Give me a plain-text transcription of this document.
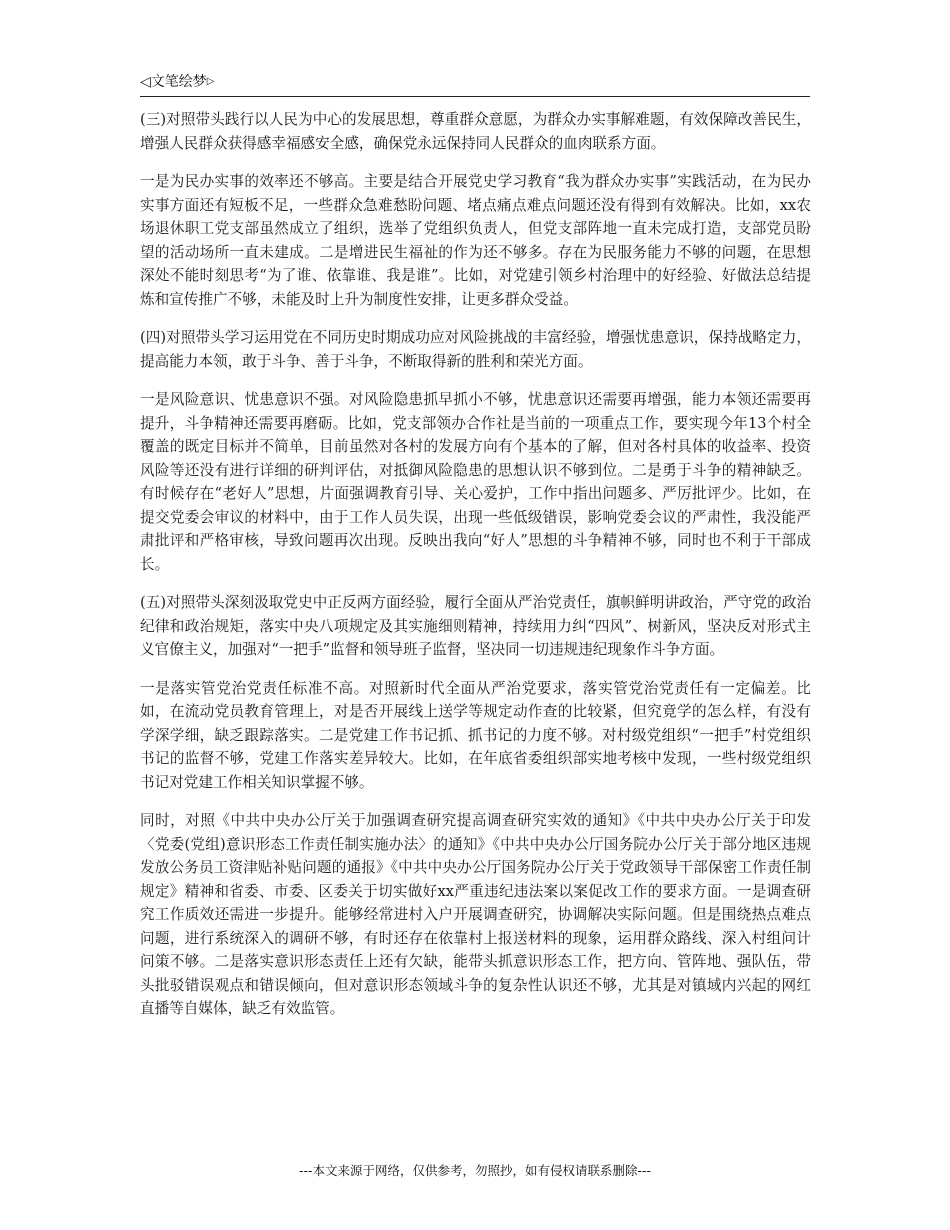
◁文笔绘梦▷

(三)对照带头践行以人民为中心的发展思想，尊重群众意愿，为群众办实事解难题，有效保障改善民生，增强人民群众获得感幸福感安全感，确保党永远保持同人民群众的血肉联系方面。

一是为民办实事的效率还不够高。主要是结合开展党史学习教育“我为群众办实事”实践活动，在为民办实事方面还有短板不足，一些群众急难愁盼问题、堵点痛点难点问题还没有得到有效解决。比如，xx农场退休职工党支部虽然成立了组织，选举了党组织负责人，但党支部阵地一直未完成打造，支部党员盼望的活动场所一直未建成。二是增进民生福祉的作为还不够多。存在为民服务能力不够的问题，在思想深处不能时刻思考“为了谁、依靠谁、我是谁”。比如，对党建引领乡村治理中的好经验、好做法总结提炼和宣传推广不够，未能及时上升为制度性安排，让更多群众受益。

(四)对照带头学习运用党在不同历史时期成功应对风险挑战的丰富经验，增强忧患意识，保持战略定力，提高能力本领，敢于斗争、善于斗争，不断取得新的胜利和荣光方面。

一是风险意识、忧患意识不强。对风险隐患抓早抓小不够，忧患意识还需要再增强，能力本领还需要再提升，斗争精神还需要再磨砺。比如，党支部领办合作社是当前的一项重点工作，要实现今年13个村全覆盖的既定目标并不简单，目前虽然对各村的发展方向有个基本的了解，但对各村具体的收益率、投资风险等还没有进行详细的研判评估，对抵御风险隐患的思想认识不够到位。二是勇于斗争的精神缺乏。有时候存在“老好人”思想，片面强调教育引导、关心爱护，工作中指出问题多、严厉批评少。比如，在提交党委会审议的材料中，由于工作人员失误，出现一些低级错误，影响党委会议的严肃性，我没能严肃批评和严格审核，导致问题再次出现。反映出我向“好人”思想的斗争精神不够，同时也不利于干部成长。

(五)对照带头深刻汲取党史中正反两方面经验，履行全面从严治党责任，旗帜鲜明讲政治，严守党的政治纪律和政治规矩，落实中央八项规定及其实施细则精神，持续用力纠“四风”、树新风，坚决反对形式主义官僚主义，加强对“一把手”监督和领导班子监督，坚决同一切违规违纪现象作斗争方面。

一是落实管党治党责任标准不高。对照新时代全面从严治党要求，落实管党治党责任有一定偏差。比如，在流动党员教育管理上，对是否开展线上送学等规定动作查的比较紧，但究竟学的怎么样，有没有学深学细，缺乏跟踪落实。二是党建工作书记抓、抓书记的力度不够。对村级党组织“一把手”村党组织书记的监督不够，党建工作落实差异较大。比如，在年底省委组织部实地考核中发现，一些村级党组织书记对党建工作相关知识掌握不够。

同时，对照《中共中央办公厅关于加强调查研究提高调查研究实效的通知》《中共中央办公厅关于印发〈党委(党组)意识形态工作责任制实施办法〉的通知》《中共中央办公厅国务院办公厅关于部分地区违规发放公务员工资津贴补贴问题的通报》《中共中央办公厅国务院办公厅关于党政领导干部保密工作责任制规定》精神和省委、市委、区委关于切实做好xx严重违纪违法案以案促改工作的要求方面。一是调查研究工作质效还需进一步提升。能够经常进村入户开展调查研究，协调解决实际问题。但是围绕热点难点问题，进行系统深入的调研不够，有时还存在依靠村上报送材料的现象，运用群众路线、深入村组问计问策不够。二是落实意识形态责任上还有欠缺，能带头抓意识形态工作，把方向、管阵地、强队伍，带头批驳错误观点和错误倾向，但对意识形态领域斗争的复杂性认识还不够，尤其是对镇域内兴起的网红直播等自媒体，缺乏有效监管。

---本文来源于网络，仅供参考，勿照抄，如有侵权请联系删除---
